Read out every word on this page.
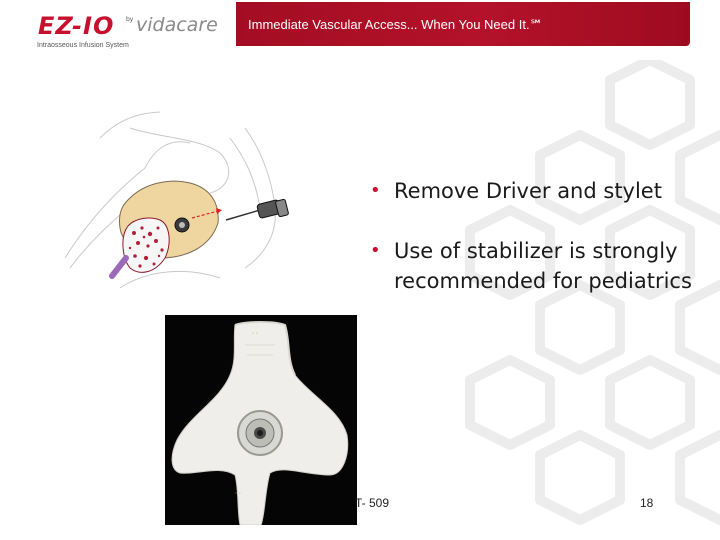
EZ-IO by vidacare
Intraosseous Infusion System
Immediate Vascular Access... When You Need It.℠
◦ ◦
◦ ◦
• Remove Driver and stylet
• Use of stabilizer is strongly recommended for pediatrics
T- 509	18
